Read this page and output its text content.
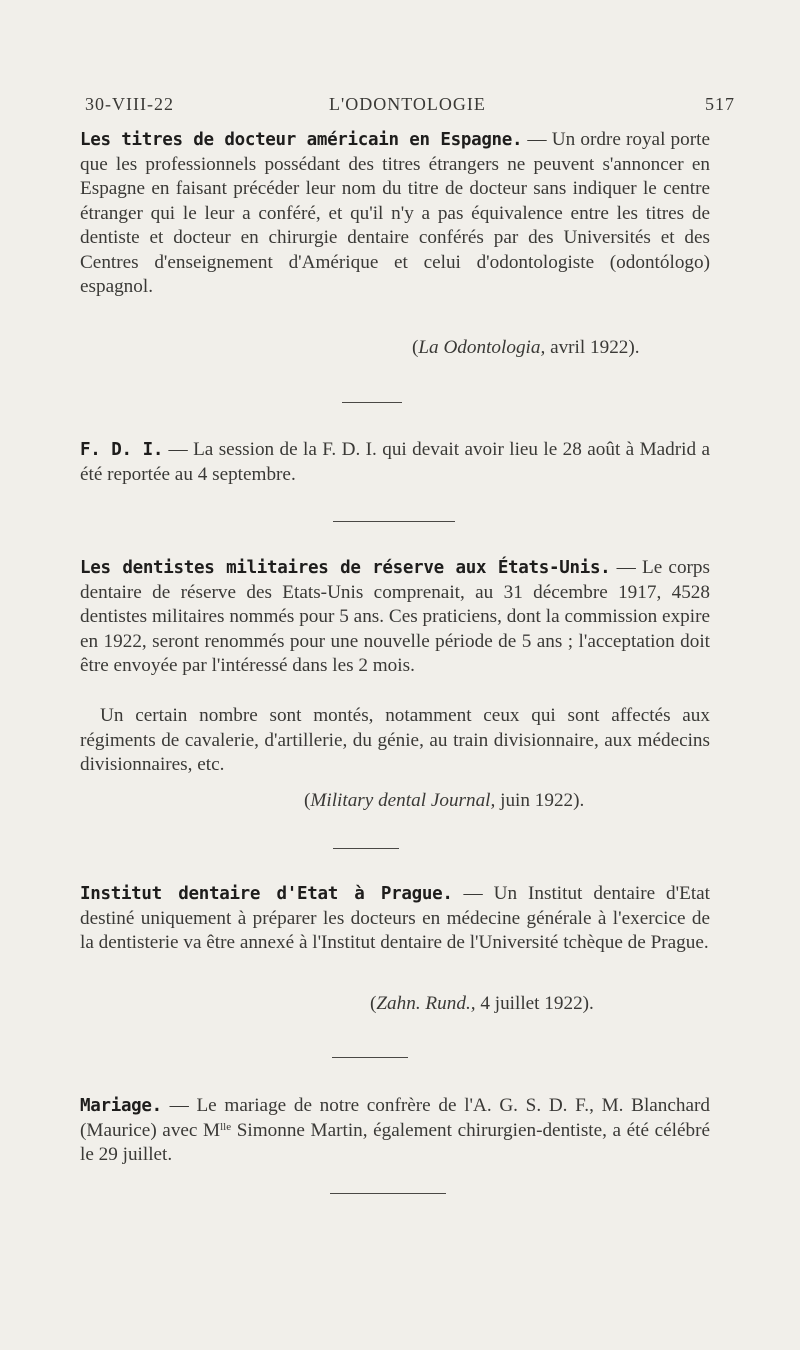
30-VIII-22	L'ODONTOLOGIE	517

Les titres de docteur américain en Espagne. — Un ordre royal porte que les professionnels possédant des titres étrangers ne peuvent s'annoncer en Espagne en faisant précéder leur nom du titre de docteur sans indiquer le centre étranger qui le leur a conféré, et qu'il n'y a pas équivalence entre les titres de dentiste et docteur en chirurgie dentaire conférés par des Universités et des Centres d'enseignement d'Amérique et celui d'odontologiste (odontólogo) espagnol.

(La Odontologia, avril 1922).

F. D. I. — La session de la F. D. I. qui devait avoir lieu le 28 août à Madrid a été reportée au 4 septembre.

Les dentistes militaires de réserve aux États-Unis. — Le corps dentaire de réserve des Etats-Unis comprenait, au 31 décembre 1917, 4528 dentistes militaires nommés pour 5 ans. Ces praticiens, dont la commission expire en 1922, seront renommés pour une nouvelle période de 5 ans ; l'acceptation doit être envoyée par l'intéressé dans les 2 mois.

Un certain nombre sont montés, notamment ceux qui sont affectés aux régiments de cavalerie, d'artillerie, du génie, au train divisionnaire, aux médecins divisionnaires, etc.

(Military dental Journal, juin 1922).

Institut dentaire d'Etat à Prague. — Un Institut dentaire d'Etat destiné uniquement à préparer les docteurs en médecine générale à l'exercice de la dentisterie va être annexé à l'Institut dentaire de l'Université tchèque de Prague.

(Zahn. Rund., 4 juillet 1922).

Mariage. — Le mariage de notre confrère de l'A. G. S. D. F., M. Blanchard (Maurice) avec $M^{lle}$ Simonne Martin, également chirurgien-dentiste, a été célébré le 29 juillet.
